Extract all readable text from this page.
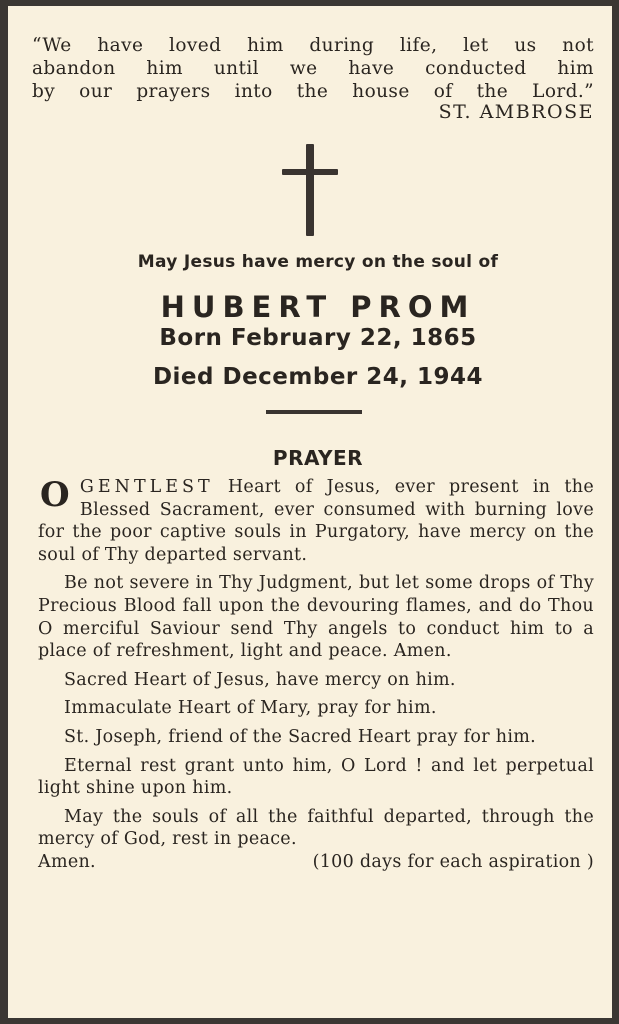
“We have loved him during life, let us not
abandon him until we have conducted him
by our prayers into the house of the Lord.”

ST. AMBROSE
May Jesus have mercy on the soul of
HUBERT PROM
Born February 22, 1865
Died December 24, 1944
PRAYER

OGENTLEST Heart of Jesus, ever present in the Blessed Sacrament, ever consumed with burning love for the poor captive souls in Purgatory, have mercy on the soul of Thy departed servant.

Be not severe in Thy Judgment, but let some drops of Thy Precious Blood fall upon the devouring flames, and do Thou O merciful Saviour send Thy angels to conduct him to a place of refreshment, light and peace. Amen.

Sacred Heart of Jesus, have mercy on him.

Immaculate Heart of Mary, pray for him.

St. Joseph, friend of the Sacred Heart pray for him.

Eternal rest grant unto him, O Lord ! and let perpetual light shine upon him.

May the souls of all the faithful departed, through the mercy of God, rest in peace.

Amen.	(100 days for each aspiration )
